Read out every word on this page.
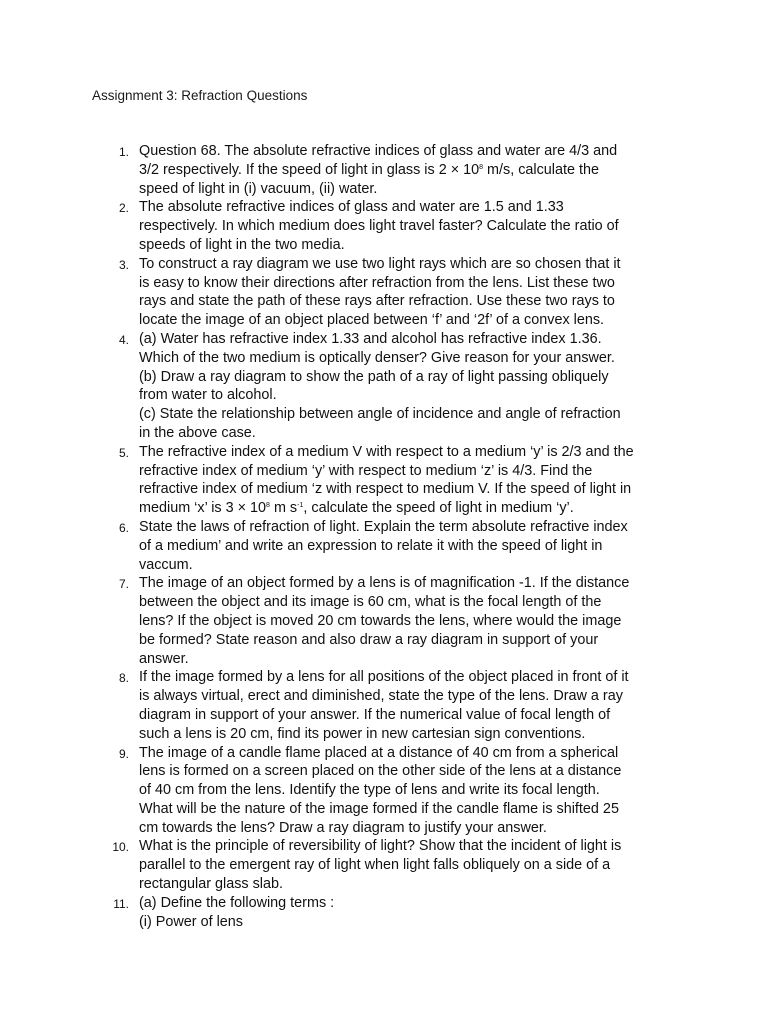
Assignment 3: Refraction Questions
1. Question 68. The absolute refractive indices of glass and water are 4/3 and
3/2 respectively. If the speed of light in glass is $2 \times 10^8$ m/s, calculate the
speed of light in (i) vacuum, (ii) water.
2. The absolute refractive indices of glass and water are 1.5 and 1.33
respectively. In which medium does light travel faster? Calculate the ratio of
speeds of light in the two media.
3. To construct a ray diagram we use two light rays which are so chosen that it
is easy to know their directions after refraction from the lens. List these two
rays and state the path of these rays after refraction. Use these two rays to
locate the image of an object placed between ‘f’ and ‘2f’ of a convex lens.
4. (a) Water has refractive index 1.33 and alcohol has refractive index 1.36.
Which of the two medium is optically denser? Give reason for your answer.
(b) Draw a ray diagram to show the path of a ray of light passing obliquely
from water to alcohol.
(c) State the relationship between angle of incidence and angle of refraction
in the above case.
5. The refractive index of a medium V with respect to a medium ‘y’ is 2/3 and the
refractive index of medium ‘y’ with respect to medium ‘z’ is 4/3. Find the
refractive index of medium ‘z with respect to medium V. If the speed of light in
medium ‘x’ is $3 \times 10^8$ m $s^{-1}$, calculate the speed of light in medium ‘y’.
6. State the laws of refraction of light. Explain the term absolute refractive index
of a medium’ and write an expression to relate it with the speed of light in
vaccum.
7. The image of an object formed by a lens is of magnification -1. If the distance
between the object and its image is 60 cm, what is the focal length of the
lens? If the object is moved 20 cm towards the lens, where would the image
be formed? State reason and also draw a ray diagram in support of your
answer.
8. If the image formed by a lens for all positions of the object placed in front of it
is always virtual, erect and diminished, state the type of the lens. Draw a ray
diagram in support of your answer. If the numerical value of focal length of
such a lens is 20 cm, find its power in new cartesian sign conventions.
9. The image of a candle flame placed at a distance of 40 cm from a spherical
lens is formed on a screen placed on the other side of the lens at a distance
of 40 cm from the lens. Identify the type of lens and write its focal length.
What will be the nature of the image formed if the candle flame is shifted 25
cm towards the lens? Draw a ray diagram to justify your answer.
10. What is the principle of reversibility of light? Show that the incident of light is
parallel to the emergent ray of light when light falls obliquely on a side of a
rectangular glass slab.
11. (a) Define the following terms :
(i) Power of lens
